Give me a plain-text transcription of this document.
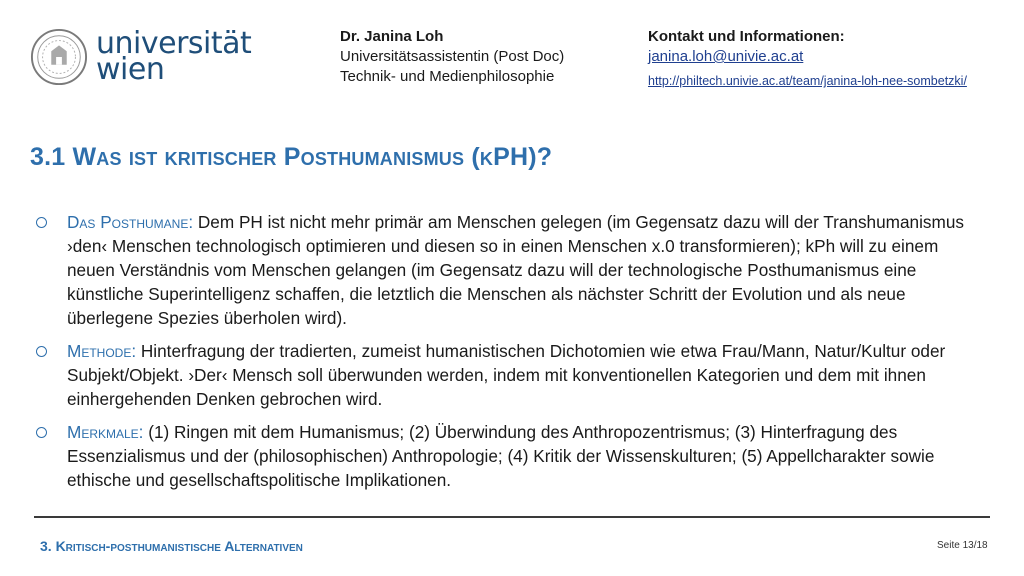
universität
wien
Dr. Janina Loh
Universitätsassistentin (Post Doc)
Technik- und Medienphilosophie
Kontakt und Informationen:
janina.loh@univie.ac.at
http://philtech.univie.ac.at/team/janina-loh-nee-sombetzki/
3.1 Was ist kritischer Posthumanismus (kPH)?
Das Posthumane: Dem PH ist nicht mehr primär am Menschen gelegen (im Gegensatz dazu will der Transhumanismus ›den‹ Menschen technologisch optimieren und diesen so in einen Menschen x.0 transformieren); kPh will zu einem neuen Verständnis vom Menschen gelangen (im Gegensatz dazu will der technologische Posthumanismus eine künstliche Superintelligenz schaffen, die letztlich die Menschen als nächster Schritt der Evolution und als neue überlegene Spezies überholen wird).
Methode: Hinterfragung der tradierten, zumeist humanistischen Dichotomien wie etwa Frau/Mann, Natur/Kultur oder Subjekt/Objekt. ›Der‹ Mensch soll überwunden werden, indem mit konventionellen Kategorien und dem mit ihnen einhergehenden Denken gebrochen wird.
Merkmale: (1) Ringen mit dem Humanismus; (2) Überwindung des Anthropozentrismus; (3) Hinterfragung des Essenzialismus und der (philosophischen) Anthropologie; (4) Kritik der Wissenskulturen; (5) Appellcharakter sowie ethische und gesellschaftspolitische Implikationen.
3. Kritisch-posthumanistische Alternativen	Seite 13/18
